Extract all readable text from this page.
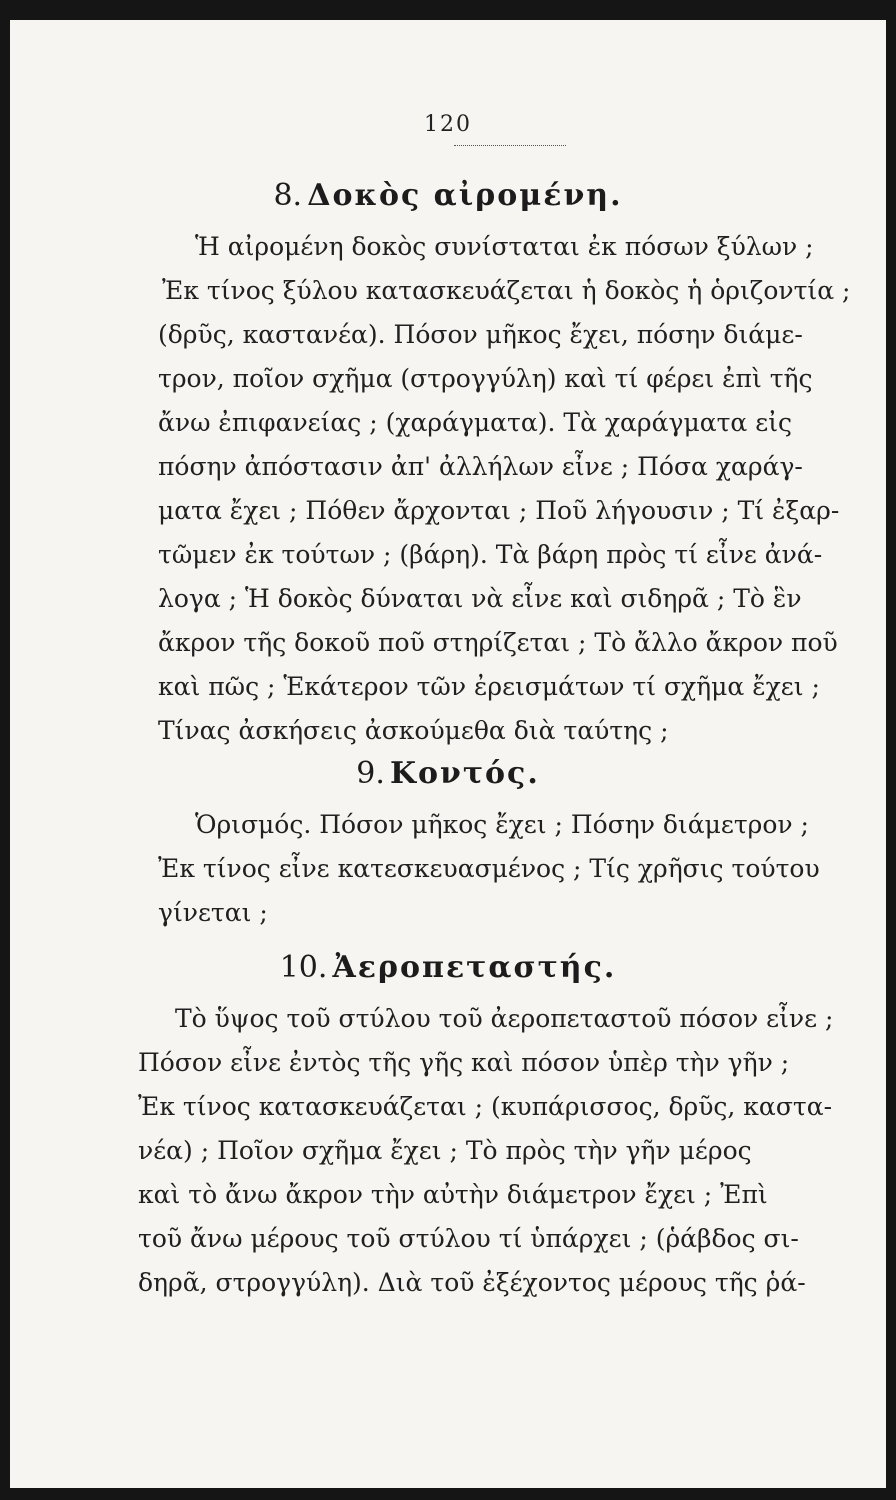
120
8. Δοκὸς αἰρομένη.
Ἡ αἰρομένη δοκὸς συνίσταται ἐκ πόσων ξύλων ;
Ἐκ τίνος ξύλου κατασκευάζεται ἡ δοκὸς ἡ ὁριζοντία ;
(δρῦς, καστανέα). Πόσον μῆκος ἔχει, πόσην διάμε-
τρον, ποῖον σχῆμα (στρογγύλη) καὶ τί φέρει ἐπὶ τῆς
ἄνω ἐπιφανείας ; (χαράγματα). Τὰ χαράγματα εἰς
πόσην ἀπόστασιν ἀπ' ἀλλήλων εἶνε ; Πόσα χαράγ-
ματα ἔχει ; Πόθεν ἄρχονται ; Ποῦ λήγουσιν ; Τί ἐξαρ-
τῶμεν ἐκ τούτων ; (βάρη). Τὰ βάρη πρὸς τί εἶνε ἀνά-
λογα ; Ἡ δοκὸς δύναται νὰ εἶνε καὶ σιδηρᾶ ; Τὸ ἓν
ἄκρον τῆς δοκοῦ ποῦ στηρίζεται ; Τὸ ἄλλο ἄκρον ποῦ
καὶ πῶς ; Ἑκάτερον τῶν ἐρεισμάτων τί σχῆμα ἔχει ;
Τίνας ἀσκήσεις ἀσκούμεθα διὰ ταύτης ;
9. Κοντός.
Ὁρισμός. Πόσον μῆκος ἔχει ; Πόσην διάμετρον ;
Ἐκ τίνος εἶνε κατεσκευασμένος ; Τίς χρῆσις τούτου
γίνεται ;
10. Ἀεροπεταστής.
Τὸ ὕψος τοῦ στύλου τοῦ ἀεροπεταστοῦ πόσον εἶνε ;
Πόσον εἶνε ἐντὸς τῆς γῆς καὶ πόσον ὑπὲρ τὴν γῆν ;
Ἐκ τίνος κατασκευάζεται ; (κυπάρισσος, δρῦς, καστα-
νέα) ; Ποῖον σχῆμα ἔχει ; Τὸ πρὸς τὴν γῆν μέρος
καὶ τὸ ἄνω ἄκρον τὴν αὐτὴν διάμετρον ἔχει ; Ἐπὶ
τοῦ ἄνω μέρους τοῦ στύλου τί ὑπάρχει ; (ῥάβδος σι-
δηρᾶ, στρογγύλη). Διὰ τοῦ ἐξέχοντος μέρους τῆς ῥά-
